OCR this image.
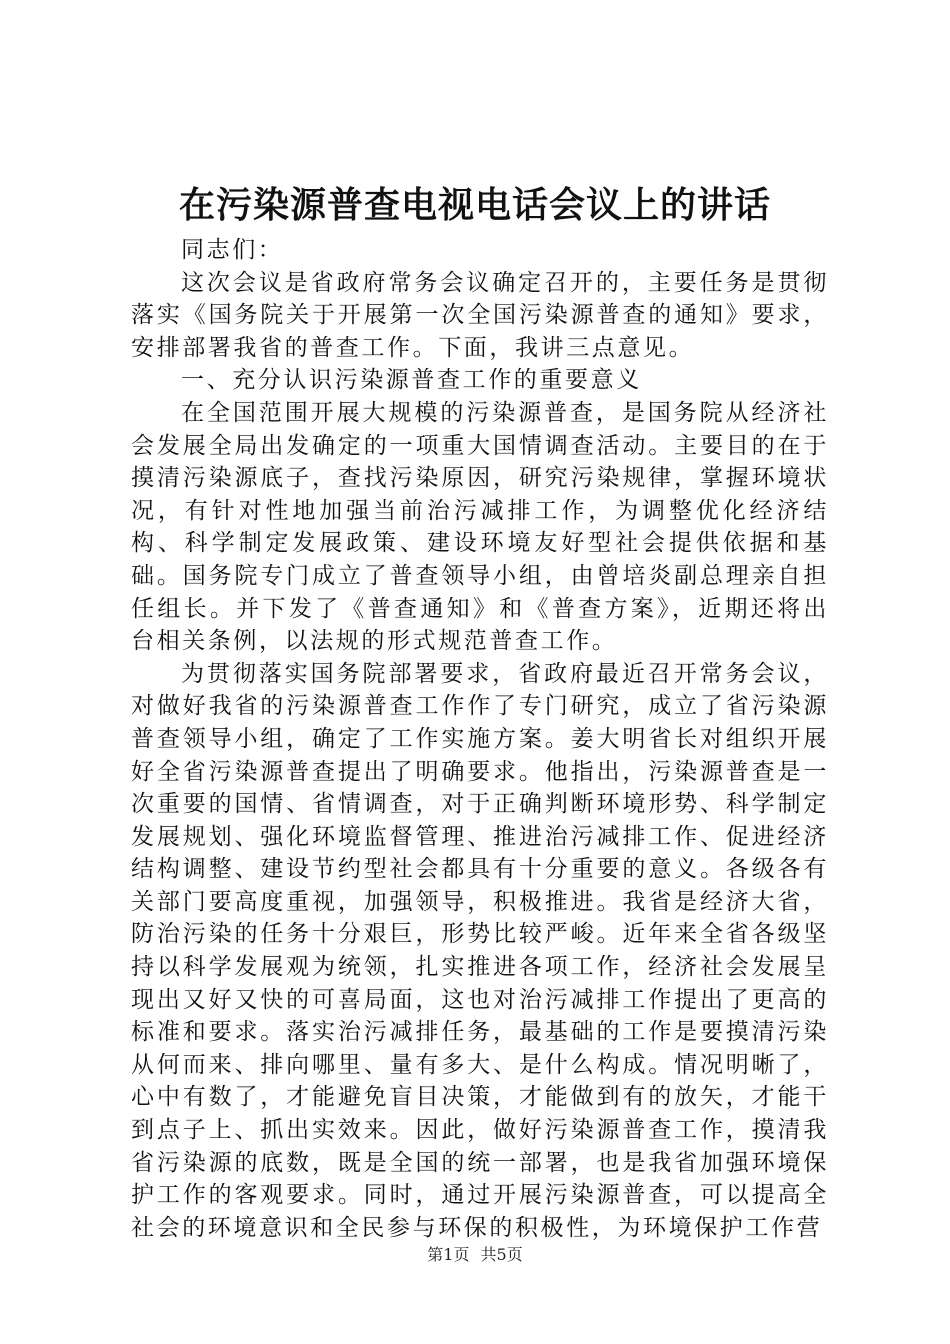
在污染源普查电视电话会议上的讲话

同志们：

这次会议是省政府常务会议确定召开的，主要任务是贯彻落实《国务院关于开展第一次全国污染源普查的通知》要求，安排部署我省的普查工作。下面，我讲三点意见。

一、充分认识污染源普查工作的重要意义

在全国范围开展大规模的污染源普查，是国务院从经济社会发展全局出发确定的一项重大国情调查活动。主要目的在于摸清污染源底子，查找污染原因，研究污染规律，掌握环境状况，有针对性地加强当前治污减排工作，为调整优化经济结构、科学制定发展政策、建设环境友好型社会提供依据和基础。国务院专门成立了普查领导小组，由曾培炎副总理亲自担任组长。并下发了《普查通知》和《普查方案》，近期还将出台相关条例，以法规的形式规范普查工作。

为贯彻落实国务院部署要求，省政府最近召开常务会议，对做好我省的污染源普查工作作了专门研究，成立了省污染源普查领导小组，确定了工作实施方案。姜大明省长对组织开展好全省污染源普查提出了明确要求。他指出，污染源普查是一次重要的国情、省情调查，对于正确判断环境形势、科学制定发展规划、强化环境监督管理、推进治污减排工作、促进经济结构调整、建设节约型社会都具有十分重要的意义。各级各有关部门要高度重视，加强领导，积极推进。我省是经济大省，防治污染的任务十分艰巨，形势比较严峻。近年来全省各级坚持以科学发展观为统领，扎实推进各项工作，经济社会发展呈现出又好又快的可喜局面，这也对治污减排工作提出了更高的标准和要求。落实治污减排任务，最基础的工作是要摸清污染从何而来、排向哪里、量有多大、是什么构成。情况明晰了，心中有数了，才能避免盲目决策，才能做到有的放矢，才能干到点子上、抓出实效来。因此，做好污染源普查工作，摸清我省污染源的底数，既是全国的统一部署，也是我省加强环境保护工作的客观要求。同时，通过开展污染源普查，可以提高全社会的环境意识和全民参与环保的积极性，为环境保护工作营

第1页 共5页
